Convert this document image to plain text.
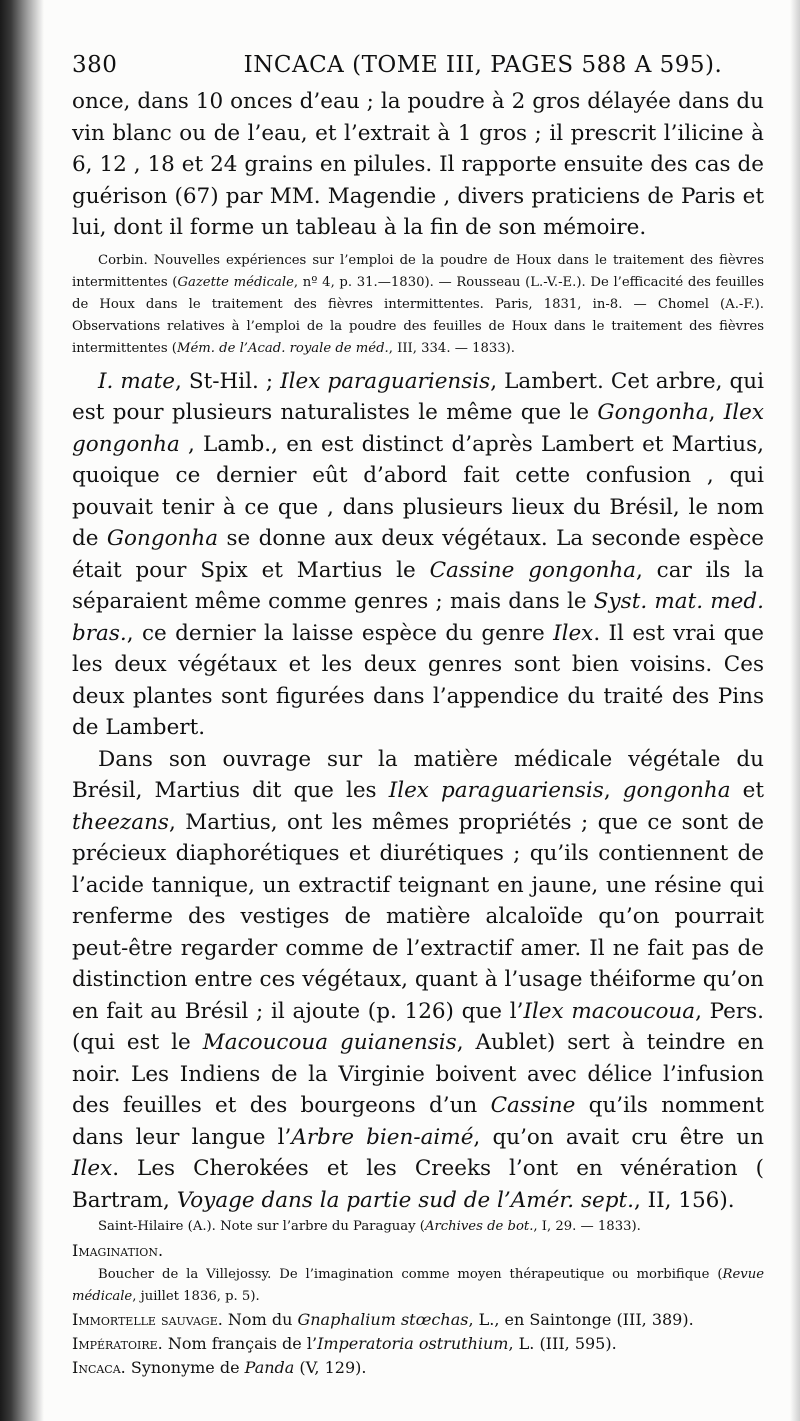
380	INCACA (TOME III, PAGES 588 A 595).

once, dans 10 onces d’eau ; la poudre à 2 gros délayée dans du vin blanc ou de l’eau, et l’extrait à 1 gros ; il prescrit l’ilicine à 6, 12 , 18 et 24 grains en pilules. Il rapporte ensuite des cas de guérison (67) par MM. Magendie , divers praticiens de Paris et lui, dont il forme un tableau à la fin de son mémoire.

Corbin. Nouvelles expériences sur l’emploi de la poudre de Houx dans le traitement des fièvres intermittentes (Gazette médicale, nº 4, p. 31.—1830). — Rousseau (L.-V.-E.). De l’efficacité des feuilles de Houx dans le traitement des fièvres intermittentes. Paris, 1831, in-8. — Chomel (A.-F.). Observations relatives à l’emploi de la poudre des feuilles de Houx dans le traitement des fièvres intermittentes (Mém. de l’Acad. royale de méd., III, 334. — 1833).

I. mate, St-Hil. ; Ilex paraguariensis, Lambert. Cet arbre, qui est pour plusieurs naturalistes le même que le Gongonha, Ilex gongonha , Lamb., en est distinct d’après Lambert et Martius, quoique ce dernier eût d’abord fait cette confusion , qui pouvait tenir à ce que , dans plusieurs lieux du Brésil, le nom de Gongonha se donne aux deux végétaux. La seconde espèce était pour Spix et Martius le Cassine gongonha, car ils la séparaient même comme genres ; mais dans le Syst. mat. med. bras., ce dernier la laisse espèce du genre Ilex. Il est vrai que les deux végétaux et les deux genres sont bien voisins. Ces deux plantes sont figurées dans l’appendice du traité des Pins de Lambert.

Dans son ouvrage sur la matière médicale végétale du Brésil, Martius dit que les Ilex paraguariensis, gongonha et theezans, Martius, ont les mêmes propriétés ; que ce sont de précieux diaphorétiques et diurétiques ; qu’ils contiennent de l’acide tannique, un extractif teignant en jaune, une résine qui renferme des vestiges de matière alcaloïde qu’on pourrait peut-être regarder comme de l’extractif amer. Il ne fait pas de distinction entre ces végétaux, quant à l’usage théiforme qu’on en fait au Brésil ; il ajoute (p. 126) que l’Ilex macoucoua, Pers. (qui est le Macoucoua guianensis, Aublet) sert à teindre en noir. Les Indiens de la Virginie boivent avec délice l’infusion des feuilles et des bourgeons d’un Cassine qu’ils nomment dans leur langue l’Arbre bien-aimé, qu’on avait cru être un Ilex. Les Cherokées et les Creeks l’ont en vénération ( Bartram, Voyage dans la partie sud de l’Amér. sept., II, 156).

Saint-Hilaire (A.). Note sur l’arbre du Paraguay (Archives de bot., I, 29. — 1833).

Imagination.

Boucher de la Villejossy. De l’imagination comme moyen thérapeutique ou morbifique (Revue médicale, juillet 1836, p. 5).

Immortelle sauvage. Nom du Gnaphalium stœchas, L., en Saintonge (III, 389).

Impératoire. Nom français de l’Imperatoria ostruthium, L. (III, 595).

Incaca. Synonyme de Panda (V, 129).
